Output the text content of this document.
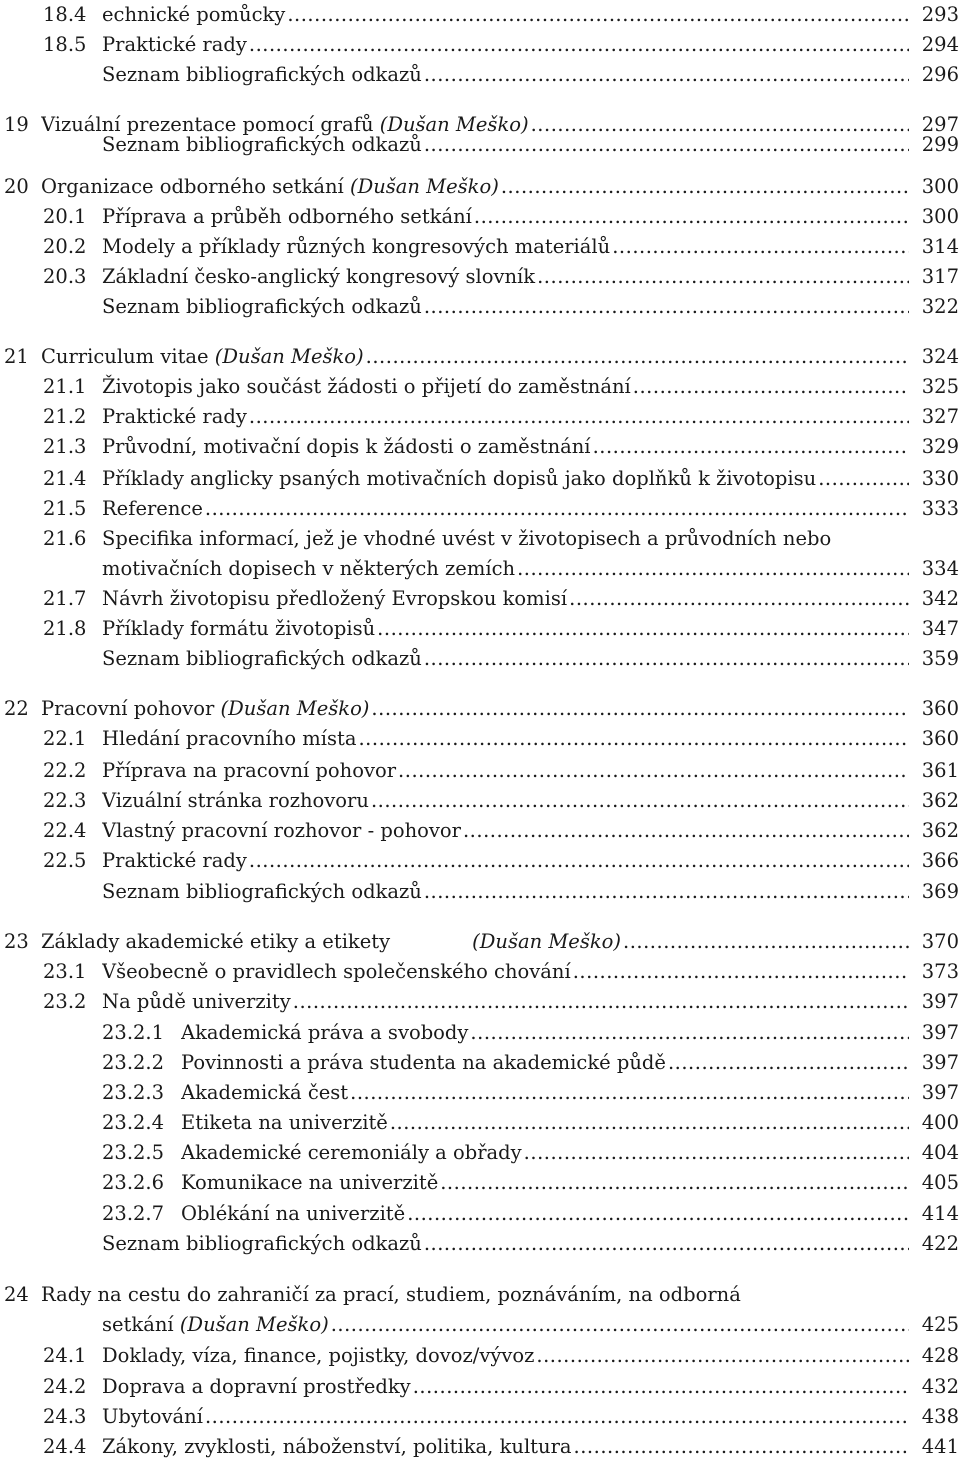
18.4 echnické pomůcky .....	293
18.5 Praktické rady .....	294
Seznam bibliografických odkazů .....	296
19 Vizuální prezentace pomocí grafů (Dušan Meško) .....	297
Seznam bibliografických odkazů .....	299
20 Organizace odborného setkání (Dušan Meško) .....	300
20.1 Příprava a průběh odborného setkání .....	300
20.2 Modely a příklady různých kongresových materiálů .....	314
20.3 Základní česko-anglický kongresový slovník .....	317
Seznam bibliografických odkazů .....	322
21 Curriculum vitae (Dušan Meško) .....	324
21.1 Životopis jako součást žádosti o přijetí do zaměstnání .....	325
21.2 Praktické rady .....	327
21.3 Průvodní, motivační dopis k žádosti o zaměstnání .....	329
21.4 Příklady anglicky psaných motivačních dopisů jako doplňků k životopisu .....	330
21.5 Reference .....	333
21.6 Specifika informací, jež je vhodné uvést v životopisech a průvodních nebo
motivačních dopisech v některých zemích .....	334
21.7 Návrh životopisu předložený Evropskou komisí .....	342
21.8 Příklady formátu životopisů .....	347
Seznam bibliografických odkazů .....	359
22 Pracovní pohovor (Dušan Meško) .....	360
22.1 Hledání pracovního místa .....	360
22.2 Příprava na pracovní pohovor .....	361
22.3 Vizuální stránka rozhovoru .....	362
22.4 Vlastný pracovní rozhovor - pohovor .....	362
22.5 Praktické rady .....	366
Seznam bibliografických odkazů .....	369
23 Základy akademické etiky a etikety	(Dušan Meško) .....	370
23.1 Všeobecně o pravidlech společenského chování .....	373
23.2 Na půdě univerzity .....	397
23.2.1 Akademická práva a svobody .....	397
23.2.2 Povinnosti a práva studenta na akademické půdě .....	397
23.2.3 Akademická čest .....	397
23.2.4 Etiketa na univerzitě .....	400
23.2.5 Akademické ceremoniály a obřady .....	404
23.2.6 Komunikace na univerzitě .....	405
23.2.7 Oblékání na univerzitě .....	414
Seznam bibliografických odkazů .....	422
24 Rady na cestu do zahraničí za prací, studiem, poznáváním, na odborná
setkání (Dušan Meško) .....	425
24.1 Doklady, víza, finance, pojistky, dovoz/vývoz .....	428
24.2 Doprava a dopravní prostředky .....	432
24.3 Ubytování .....	438
24.4 Zákony, zvyklosti, náboženství, politika, kultura .....	441
